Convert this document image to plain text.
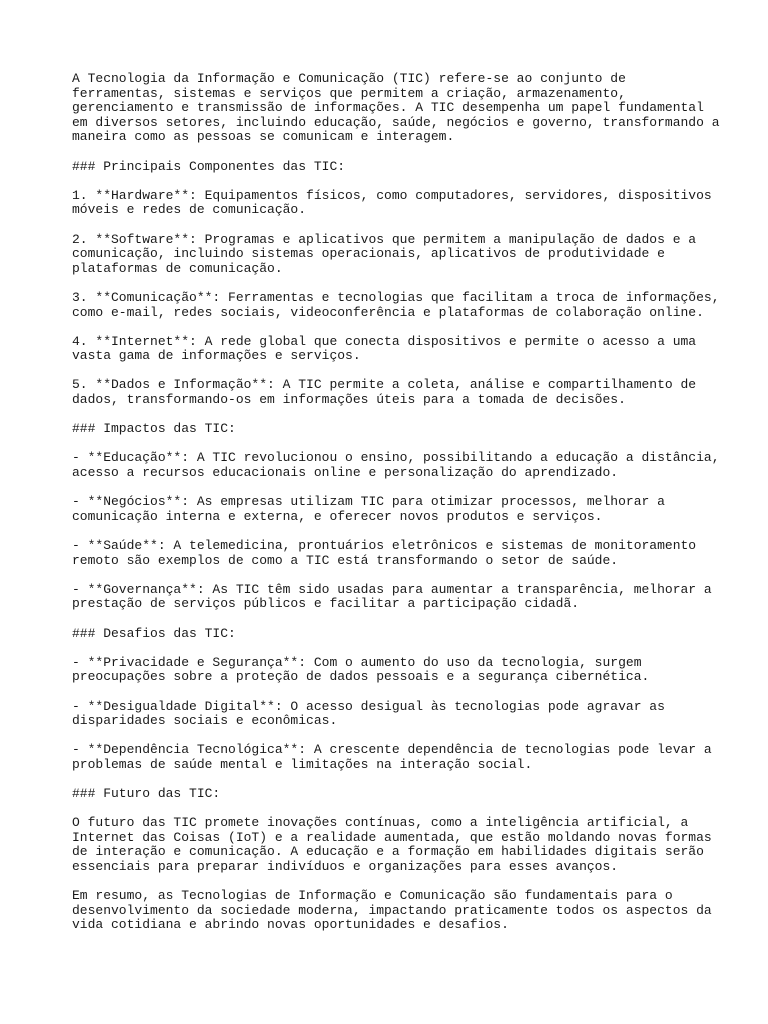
A Tecnologia da Informação e Comunicação (TIC) refere-se ao conjunto de
ferramentas, sistemas e serviços que permitem a criação, armazenamento,
gerenciamento e transmissão de informações. A TIC desempenha um papel fundamental
em diversos setores, incluindo educação, saúde, negócios e governo, transformando a
maneira como as pessoas se comunicam e interagem.

### Principais Componentes das TIC:

1. **Hardware**: Equipamentos físicos, como computadores, servidores, dispositivos
móveis e redes de comunicação.

2. **Software**: Programas e aplicativos que permitem a manipulação de dados e a
comunicação, incluindo sistemas operacionais, aplicativos de produtividade e
plataformas de comunicação.

3. **Comunicação**: Ferramentas e tecnologias que facilitam a troca de informações,
como e-mail, redes sociais, videoconferência e plataformas de colaboração online.

4. **Internet**: A rede global que conecta dispositivos e permite o acesso a uma
vasta gama de informações e serviços.

5. **Dados e Informação**: A TIC permite a coleta, análise e compartilhamento de
dados, transformando-os em informações úteis para a tomada de decisões.

### Impactos das TIC:

- **Educação**: A TIC revolucionou o ensino, possibilitando a educação a distância,
acesso a recursos educacionais online e personalização do aprendizado.

- **Negócios**: As empresas utilizam TIC para otimizar processos, melhorar a
comunicação interna e externa, e oferecer novos produtos e serviços.

- **Saúde**: A telemedicina, prontuários eletrônicos e sistemas de monitoramento
remoto são exemplos de como a TIC está transformando o setor de saúde.

- **Governança**: As TIC têm sido usadas para aumentar a transparência, melhorar a
prestação de serviços públicos e facilitar a participação cidadã.

### Desafios das TIC:

- **Privacidade e Segurança**: Com o aumento do uso da tecnologia, surgem
preocupações sobre a proteção de dados pessoais e a segurança cibernética.

- **Desigualdade Digital**: O acesso desigual às tecnologias pode agravar as
disparidades sociais e econômicas.

- **Dependência Tecnológica**: A crescente dependência de tecnologias pode levar a
problemas de saúde mental e limitações na interação social.

### Futuro das TIC:

O futuro das TIC promete inovações contínuas, como a inteligência artificial, a
Internet das Coisas (IoT) e a realidade aumentada, que estão moldando novas formas
de interação e comunicação. A educação e a formação em habilidades digitais serão
essenciais para preparar indivíduos e organizações para esses avanços.

Em resumo, as Tecnologias de Informação e Comunicação são fundamentais para o
desenvolvimento da sociedade moderna, impactando praticamente todos os aspectos da
vida cotidiana e abrindo novas oportunidades e desafios.
